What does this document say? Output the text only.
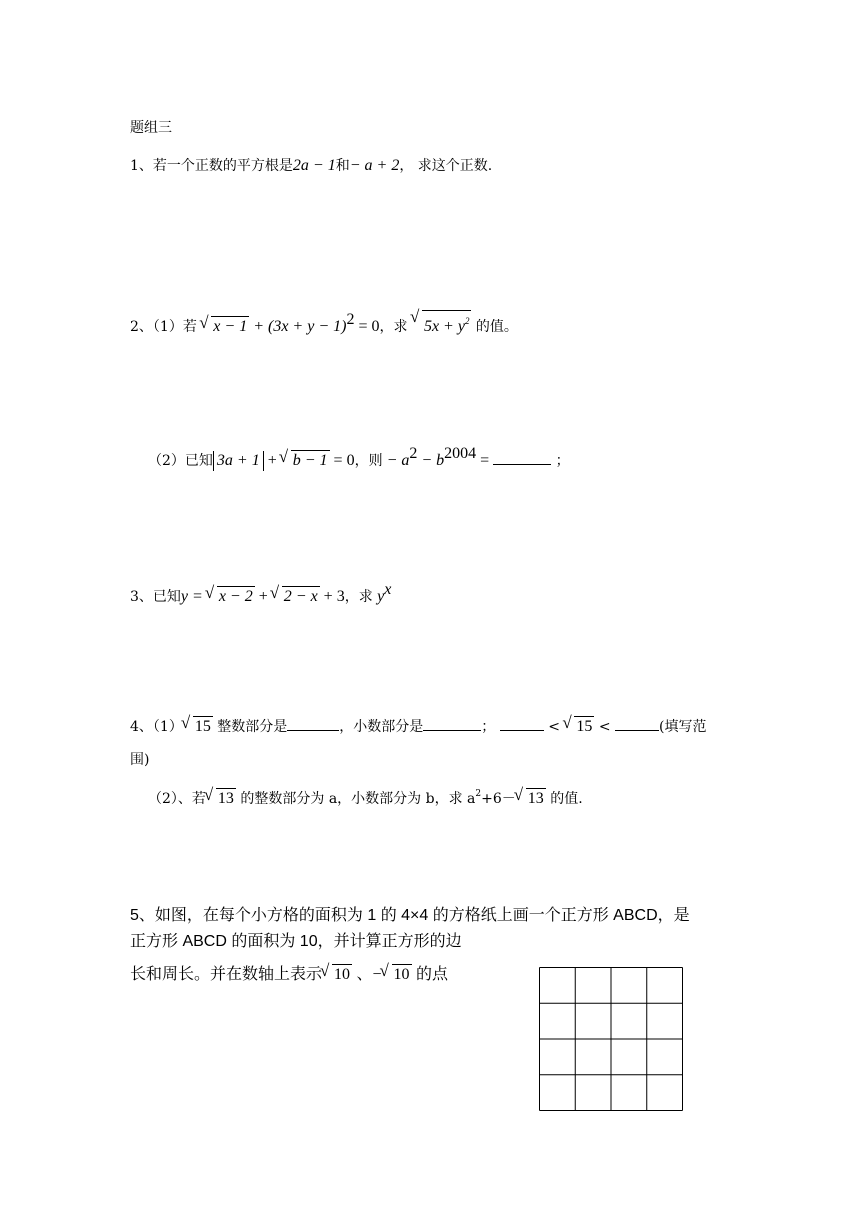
题组三
1、若一个正数的平方根是2a − 1和− a + 2， 求这个正数.
2、（1）若 √ $x - 1 + (3x + y - 1)^2 = 0$，求 √ $5x + y^2$ 的值。
（2）已知 3a + 1 + √ b − 1 = 0，则 − $a^2 - b^{2004}$ =	；
3、已知y = √ x − 2 + √ 2 − x + 3，求 $y^x$
4、（1）√ 15 整数部分是	，小数部分是	；	< √ 15 <	(填写范
围)
（2）、若√ 13 的整数部分为 a，小数部分为 b，求 $a^2+6-√$ 13 的值.
5、如图，在每个小方格的面积为 1 的 4×4 的方格纸上画一个正方形 ABCD，是
正方形 ABCD 的面积为 10，并计算正方形的边
长和周长。并在数轴上表示√ 10 、−√ 10 的点
